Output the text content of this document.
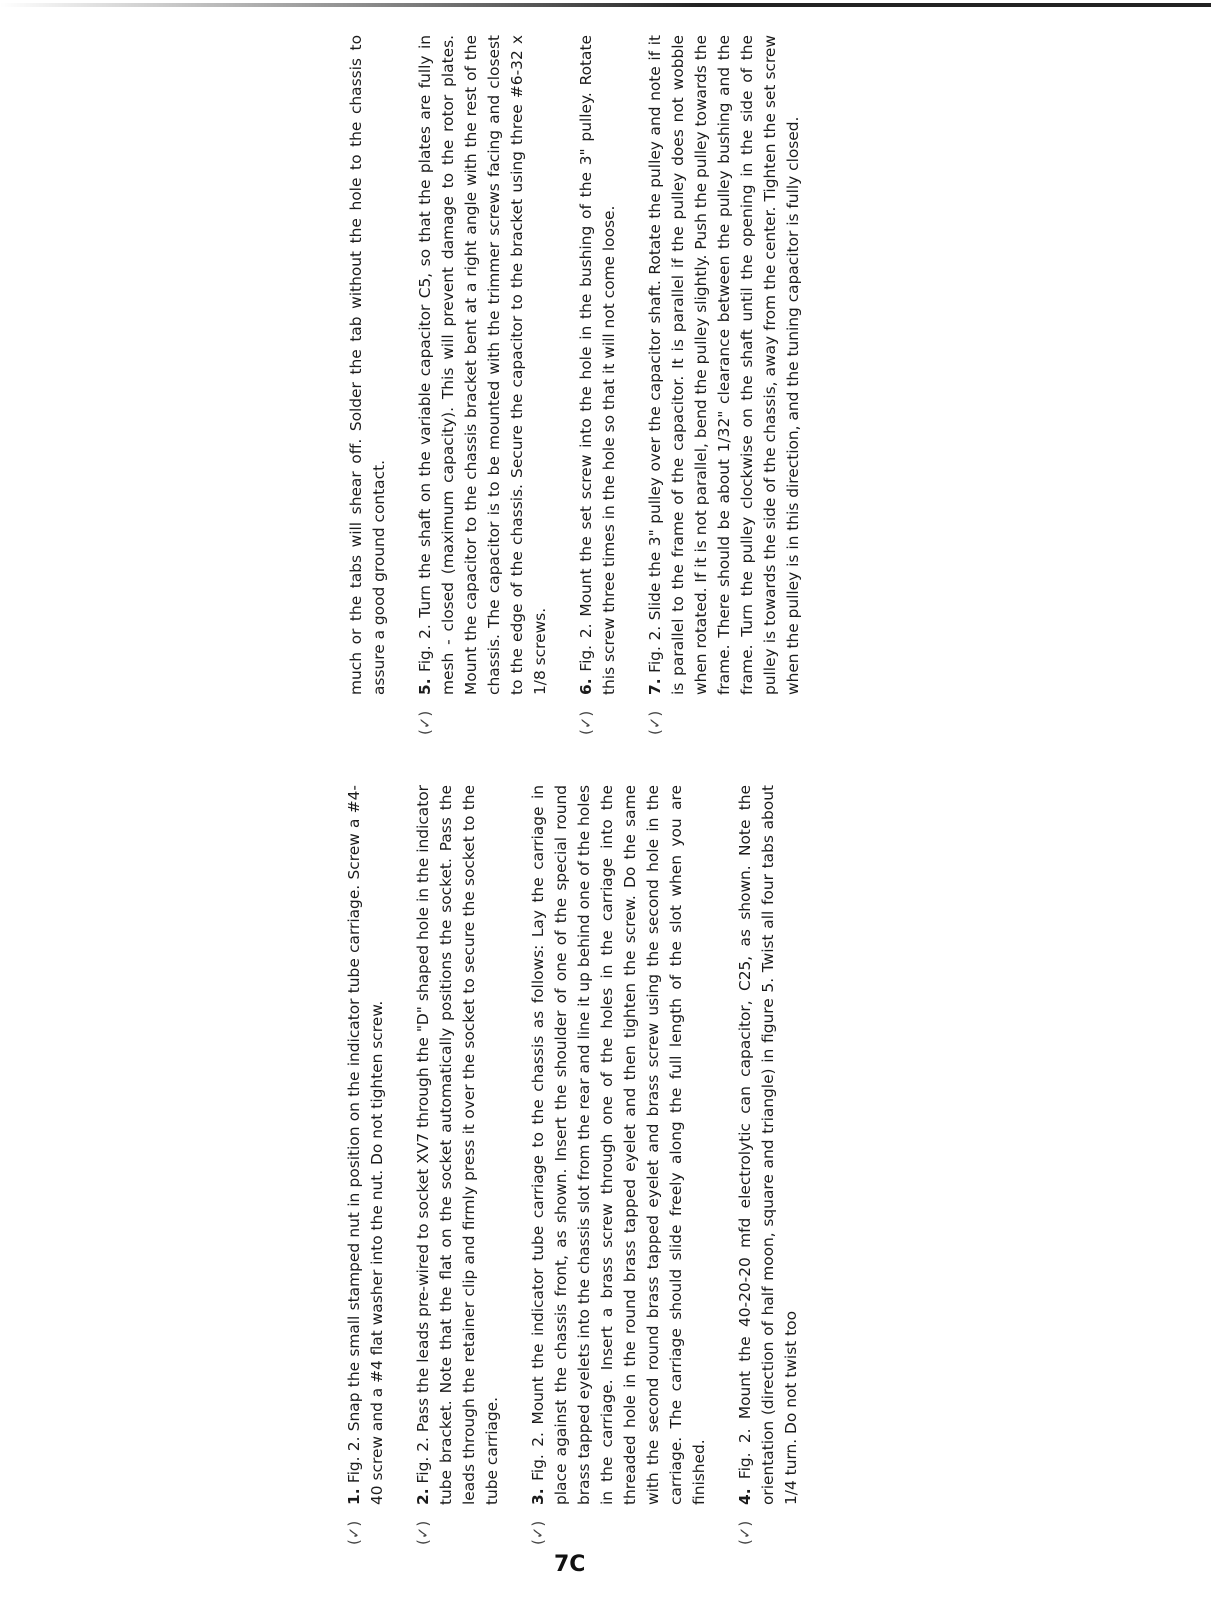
(✓)
1. Fig. 2. Snap the small stamped nut in position on the indicator tube carriage. Screw a #4-40 screw and a #4 flat washer into the nut. Do not tighten screw.
(✓)
2. Fig. 2. Pass the leads pre-wired to socket XV7 through the "D" shaped hole in the indicator tube bracket. Note that the flat on the socket automatically positions the socket. Pass the leads through the retainer clip and firmly press it over the socket to secure the socket to the tube carriage.
(✓)
3. Fig. 2. Mount the indicator tube carriage to the chassis as follows: Lay the carriage in place against the chassis front, as shown. Insert the shoulder of one of the special round brass tapped eyelets into the chassis slot from the rear and line it up behind one of the holes in the carriage. Insert a brass screw through one of the holes in the carriage into the threaded hole in the round brass tapped eyelet and then tighten the screw. Do the same with the second round brass tapped eyelet and brass screw using the second hole in the carriage. The carriage should slide freely along the full length of the slot when you are finished.
(✓)
4. Fig. 2. Mount the 40-20-20 mfd electrolytic can capacitor, C25, as shown. Note the orientation (direction of half moon, square and triangle) in figure 5. Twist all four tabs about 1/4 turn. Do not twist too
much or the tabs will shear off. Solder the tab without the hole to the chassis to assure a good ground contact.
(✓)
5. Fig. 2. Turn the shaft on the variable capacitor C5, so that the plates are fully in mesh - closed (maximum capacity). This will prevent damage to the rotor plates. Mount the capacitor to the chassis bracket bent at a right angle with the rest of the chassis. The capacitor is to be mounted with the trimmer screws facing and closest to the edge of the chassis. Secure the capacitor to the bracket using three #6-32 x 1/8 screws.
(✓)
6. Fig. 2. Mount the set screw into the hole in the bushing of the 3" pulley. Rotate this screw three times in the hole so that it will not come loose.
(✓)
7. Fig. 2. Slide the 3" pulley over the capacitor shaft. Rotate the pulley and note if it is parallel to the frame of the capacitor. It is parallel if the pulley does not wobble when rotated. If it is not parallel, bend the pulley slightly. Push the pulley towards the frame. There should be about 1/32" clearance between the pulley bushing and the frame. Turn the pulley clockwise on the shaft until the opening in the side of the pulley is towards the side of the chassis, away from the center. Tighten the set screw when the pulley is in this direction, and the tuning capacitor is fully closed.
7C
